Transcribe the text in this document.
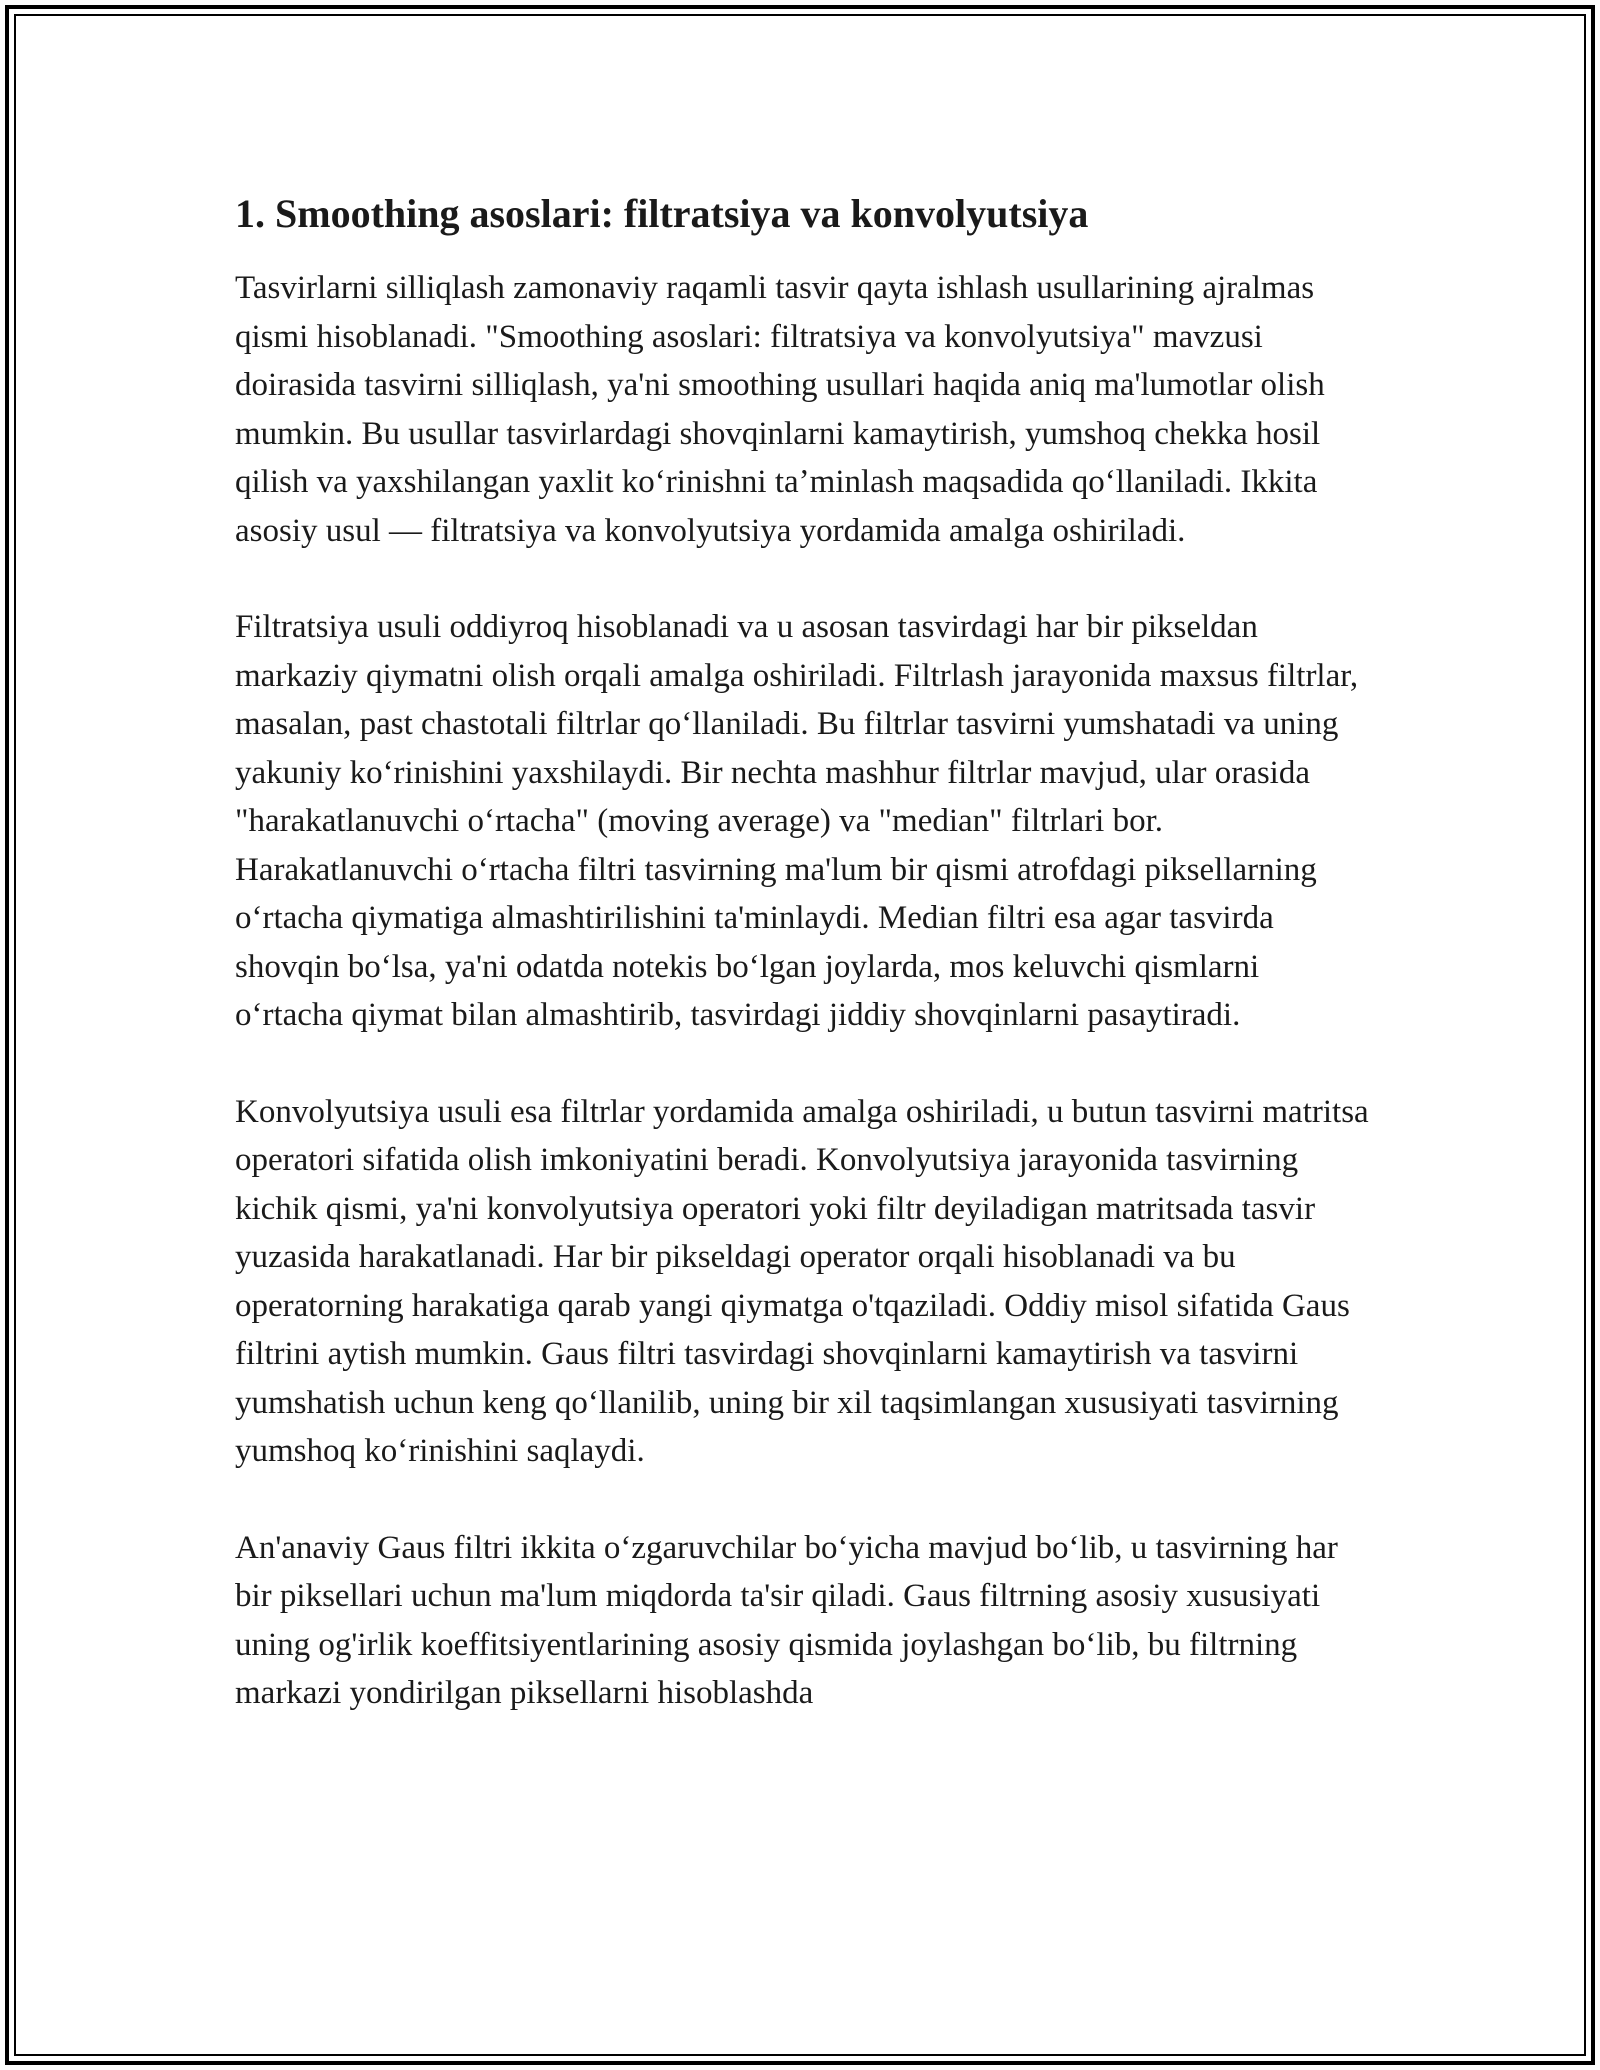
1. Smoothing asoslari: filtratsiya va konvolyutsiya

Tasvirlarni silliqlash zamonaviy raqamli tasvir qayta ishlash usullarining ajralmas qismi hisoblanadi. "Smoothing asoslari: filtratsiya va konvolyutsiya" mavzusi doirasida tasvirni silliqlash, ya'ni smoothing usullari haqida aniq ma'lumotlar olish mumkin. Bu usullar tasvirlardagi shovqinlarni kamaytirish, yumshoq chekka hosil qilish va yaxshilangan yaxlit koʻrinishni taʼminlash maqsadida qoʻllaniladi. Ikkita asosiy usul — filtratsiya va konvolyutsiya yordamida amalga oshiriladi.

Filtratsiya usuli oddiyroq hisoblanadi va u asosan tasvirdagi har bir pikseldan markaziy qiymatni olish orqali amalga oshiriladi. Filtrlash jarayonida maxsus filtrlar, masalan, past chastotali filtrlar qoʻllaniladi. Bu filtrlar tasvirni yumshatadi va uning yakuniy koʻrinishini yaxshilaydi. Bir nechta mashhur filtrlar mavjud, ular orasida "harakatlanuvchi oʻrtacha" (moving average) va "median" filtrlari bor. Harakatlanuvchi oʻrtacha filtri tasvirning ma'lum bir qismi atrofdagi piksellarning oʻrtacha qiymatiga almashtirilishini ta'minlaydi. Median filtri esa agar tasvirda shovqin boʻlsa, ya'ni odatda notekis boʻlgan joylarda, mos keluvchi qismlarni oʻrtacha qiymat bilan almashtirib, tasvirdagi jiddiy shovqinlarni pasaytiradi.

Konvolyutsiya usuli esa filtrlar yordamida amalga oshiriladi, u butun tasvirni matritsa operatori sifatida olish imkoniyatini beradi. Konvolyutsiya jarayonida tasvirning kichik qismi, ya'ni konvolyutsiya operatori yoki filtr deyiladigan matritsada tasvir yuzasida harakatlanadi. Har bir pikseldagi operator orqali hisoblanadi va bu operatorning harakatiga qarab yangi qiymatga o'tqaziladi. Oddiy misol sifatida Gaus filtrini aytish mumkin. Gaus filtri tasvirdagi shovqinlarni kamaytirish va tasvirni yumshatish uchun keng qoʻllanilib, uning bir xil taqsimlangan xususiyati tasvirning yumshoq koʻrinishini saqlaydi.

An'anaviy Gaus filtri ikkita oʻzgaruvchilar boʻyicha mavjud boʻlib, u tasvirning har bir piksellari uchun ma'lum miqdorda ta'sir qiladi. Gaus filtrning asosiy xususiyati uning og'irlik koeffitsiyentlarining asosiy qismida joylashgan boʻlib, bu filtrning markazi yondirilgan piksellarni hisoblashda
